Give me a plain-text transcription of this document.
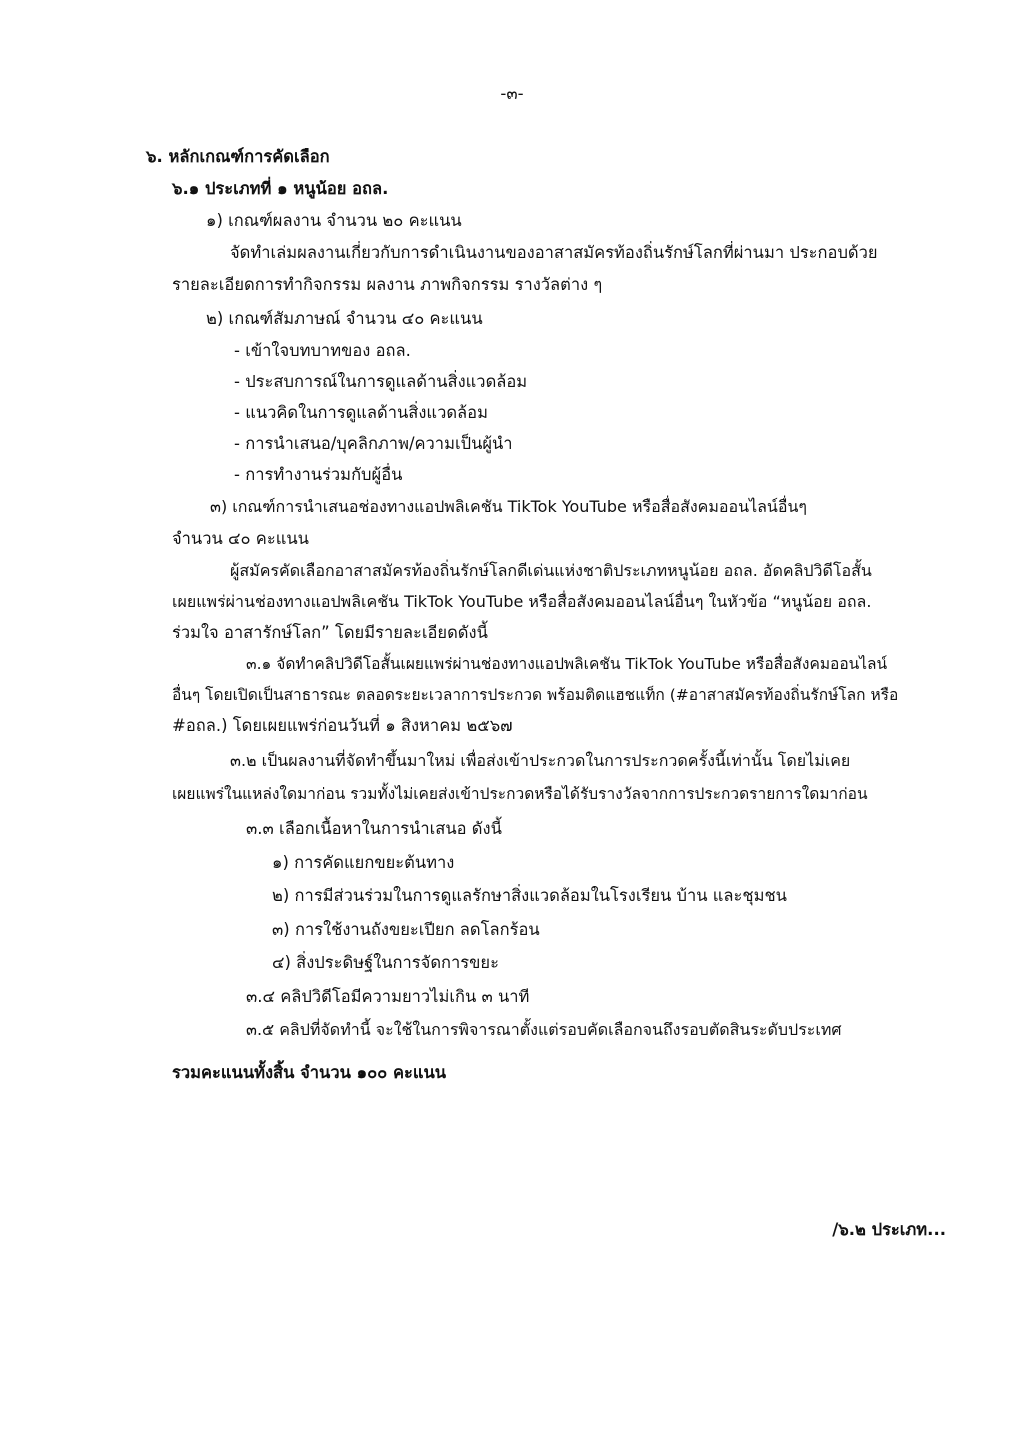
-๓-
๖. หลักเกณฑ์การคัดเลือก
๖.๑ ประเภทที่ ๑ หนูน้อย อถล.
๑) เกณฑ์ผลงาน จำนวน ๒๐ คะแนน
จัดทำเล่มผลงานเกี่ยวกับการดำเนินงานของอาสาสมัครท้องถิ่นรักษ์โลกที่ผ่านมา ประกอบด้วย
รายละเอียดการทำกิจกรรม ผลงาน ภาพกิจกรรม รางวัลต่าง ๆ
๒) เกณฑ์สัมภาษณ์ จำนวน ๔๐ คะแนน
- เข้าใจบทบาทของ อถล.
- ประสบการณ์ในการดูแลด้านสิ่งแวดล้อม
- แนวคิดในการดูแลด้านสิ่งแวดล้อม
- การนำเสนอ/บุคลิกภาพ/ความเป็นผู้นำ
- การทำงานร่วมกับผู้อื่น
๓) เกณฑ์การนำเสนอช่องทางแอปพลิเคชัน TikTok YouTube หรือสื่อสังคมออนไลน์อื่นๆ
จำนวน ๔๐ คะแนน
ผู้สมัครคัดเลือกอาสาสมัครท้องถิ่นรักษ์โลกดีเด่นแห่งชาติประเภทหนูน้อย อถล. อัดคลิปวิดีโอสั้น
เผยแพร่ผ่านช่องทางแอปพลิเคชัน TikTok YouTube หรือสื่อสังคมออนไลน์อื่นๆ ในหัวข้อ “หนูน้อย อถล.
ร่วมใจ อาสารักษ์โลก” โดยมีรายละเอียดดังนี้
๓.๑ จัดทำคลิปวิดีโอสั้นเผยแพร่ผ่านช่องทางแอปพลิเคชัน TikTok YouTube หรือสื่อสังคมออนไลน์
อื่นๆ โดยเปิดเป็นสาธารณะ ตลอดระยะเวลาการประกวด พร้อมติดแฮชแท็ก (#อาสาสมัครท้องถิ่นรักษ์โลก หรือ
#อถล.) โดยเผยแพร่ก่อนวันที่ ๑ สิงหาคม ๒๕๖๗
๓.๒ เป็นผลงานที่จัดทำขึ้นมาใหม่ เพื่อส่งเข้าประกวดในการประกวดครั้งนี้เท่านั้น โดยไม่เคย
เผยแพร่ในแหล่งใดมาก่อน รวมทั้งไม่เคยส่งเข้าประกวดหรือได้รับรางวัลจากการประกวดรายการใดมาก่อน
๓.๓ เลือกเนื้อหาในการนำเสนอ ดังนี้
๑) การคัดแยกขยะต้นทาง
๒) การมีส่วนร่วมในการดูแลรักษาสิ่งแวดล้อมในโรงเรียน บ้าน และชุมชน
๓) การใช้งานถังขยะเปียก ลดโลกร้อน
๔) สิ่งประดิษฐ์ในการจัดการขยะ
๓.๔ คลิปวิดีโอมีความยาวไม่เกิน ๓ นาที
๓.๕ คลิปที่จัดทำนี้ จะใช้ในการพิจารณาตั้งแต่รอบคัดเลือกจนถึงรอบตัดสินระดับประเทศ
รวมคะแนนทั้งสิ้น จำนวน ๑๐๐ คะแนน
/๖.๒ ประเภท...
